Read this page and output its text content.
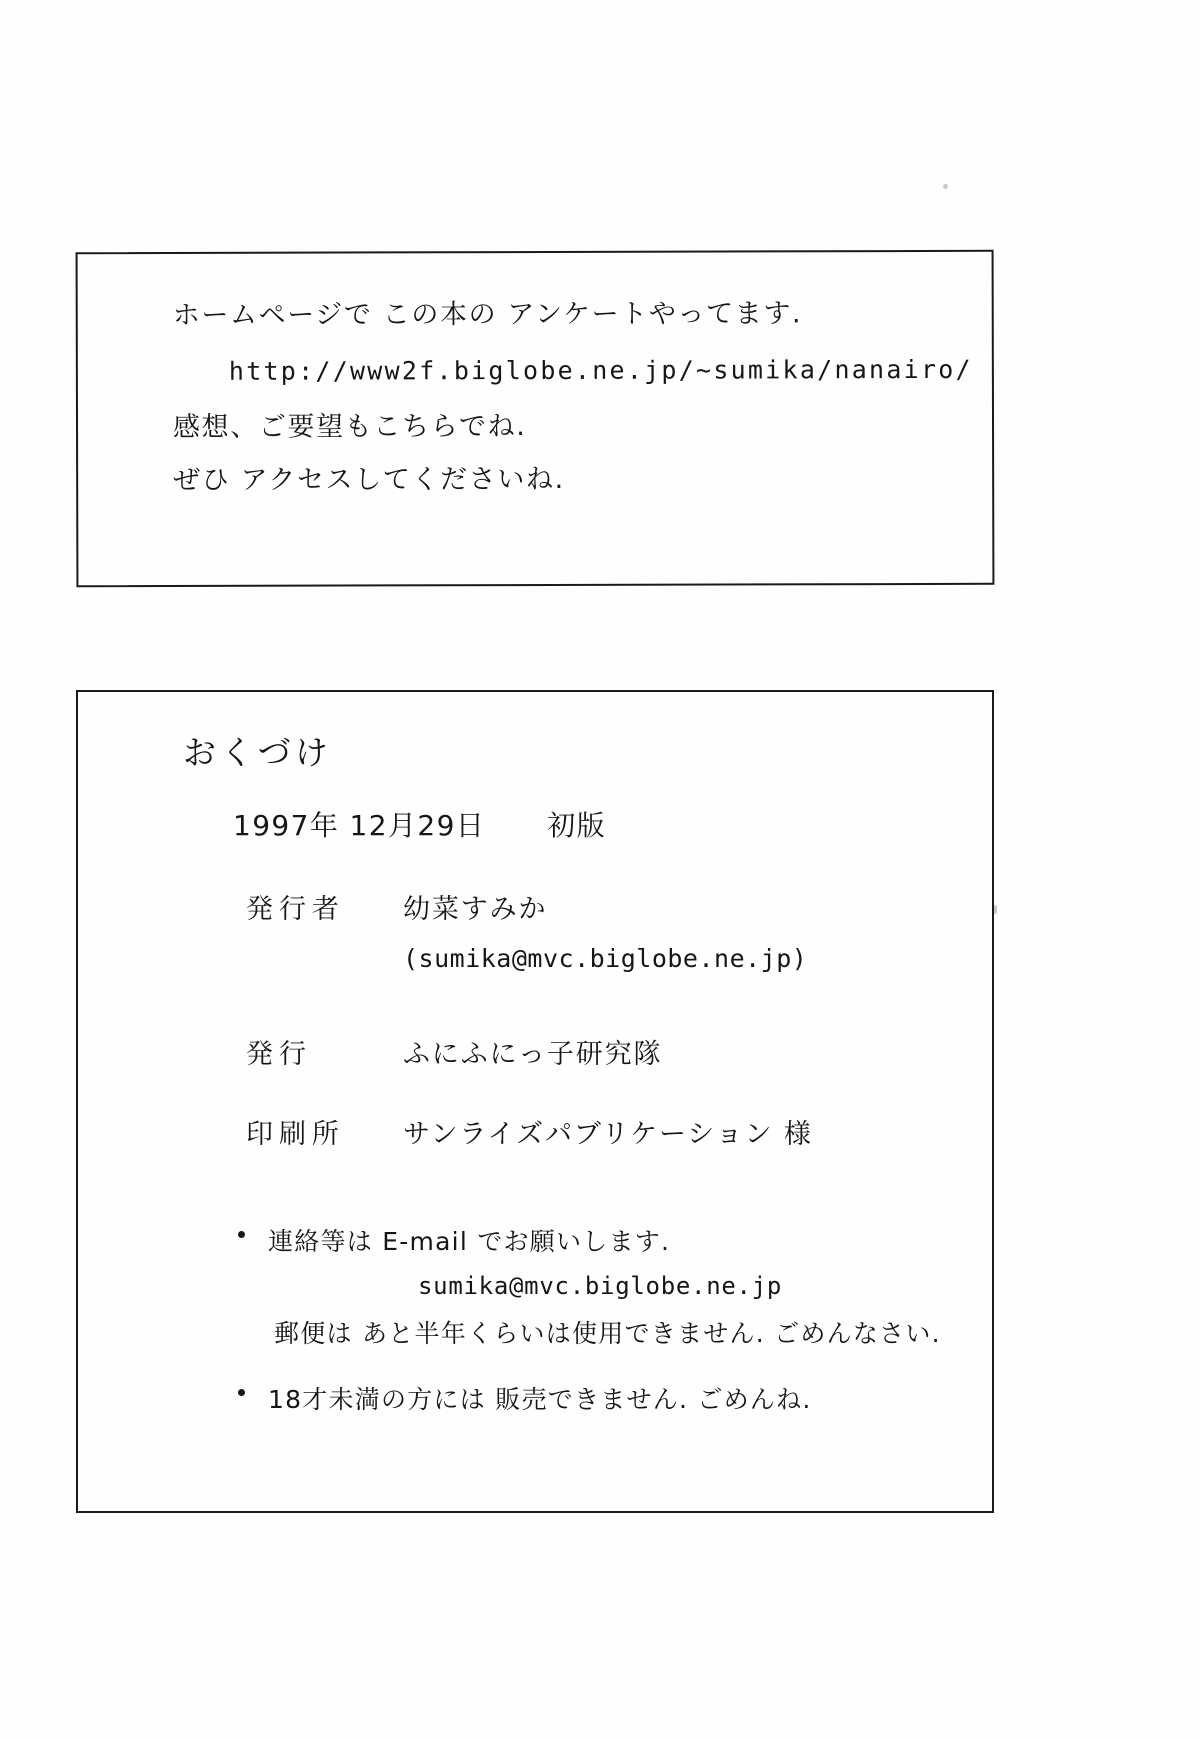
ホームページで この本の アンケートやってます.
http://www2f.biglobe.ne.jp/~sumika/nanairo/
感想、ご要望もこちらでね.
ぜひ アクセスしてくださいね.
おくづけ
1997年 12月29日 初版
発行者 幼菜すみか
(sumika@mvc.biglobe.ne.jp)
発行	ふにふにっ子研究隊
印刷所 サンライズパブリケーション 様
連絡等は E-mail でお願いします.
sumika@mvc.biglobe.ne.jp
郵便は あと半年くらいは使用できません. ごめんなさい.
18才未満の方には 販売できません. ごめんね.
